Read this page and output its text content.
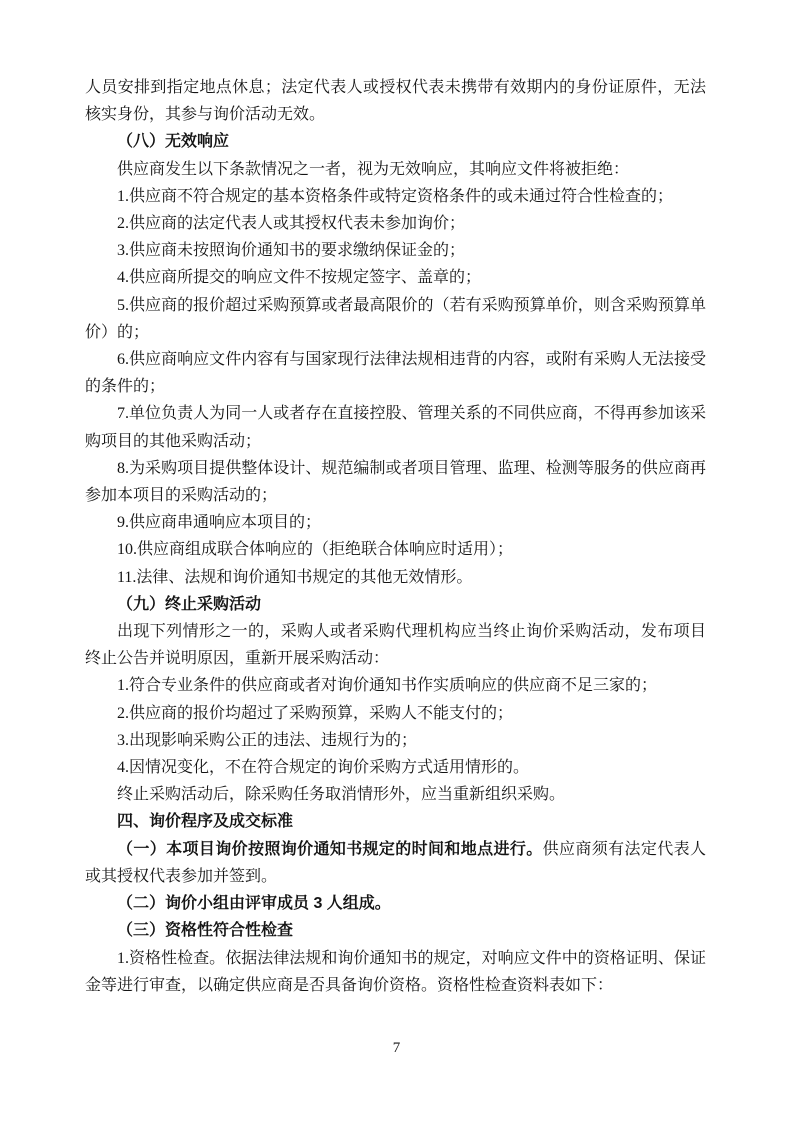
人员安排到指定地点休息；法定代表人或授权代表未携带有效期内的身份证原件，无法核实身份，其参与询价活动无效。

（八）无效响应

供应商发生以下条款情况之一者，视为无效响应，其响应文件将被拒绝：

1.供应商不符合规定的基本资格条件或特定资格条件的或未通过符合性检查的；

2.供应商的法定代表人或其授权代表未参加询价；

3.供应商未按照询价通知书的要求缴纳保证金的；

4.供应商所提交的响应文件不按规定签字、盖章的；

5.供应商的报价超过采购预算或者最高限价的（若有采购预算单价，则含采购预算单价）的；

6.供应商响应文件内容有与国家现行法律法规相违背的内容，或附有采购人无法接受的条件的；

7.单位负责人为同一人或者存在直接控股、管理关系的不同供应商，不得再参加该采购项目的其他采购活动；

8.为采购项目提供整体设计、规范编制或者项目管理、监理、检测等服务的供应商再参加本项目的采购活动的；

9.供应商串通响应本项目的；

10.供应商组成联合体响应的（拒绝联合体响应时适用）；

11.法律、法规和询价通知书规定的其他无效情形。

（九）终止采购活动

出现下列情形之一的，采购人或者采购代理机构应当终止询价采购活动，发布项目终止公告并说明原因，重新开展采购活动：

1.符合专业条件的供应商或者对询价通知书作实质响应的供应商不足三家的；

2.供应商的报价均超过了采购预算，采购人不能支付的；

3.出现影响采购公正的违法、违规行为的；

4.因情况变化，不在符合规定的询价采购方式适用情形的。

终止采购活动后，除采购任务取消情形外，应当重新组织采购。

四、询价程序及成交标准

（一）本项目询价按照询价通知书规定的时间和地点进行。供应商须有法定代表人或其授权代表参加并签到。

（二）询价小组由评审成员 3 人组成。

（三）资格性符合性检查

1.资格性检查。依据法律法规和询价通知书的规定，对响应文件中的资格证明、保证金等进行审查，以确定供应商是否具备询价资格。资格性检查资料表如下：

7
